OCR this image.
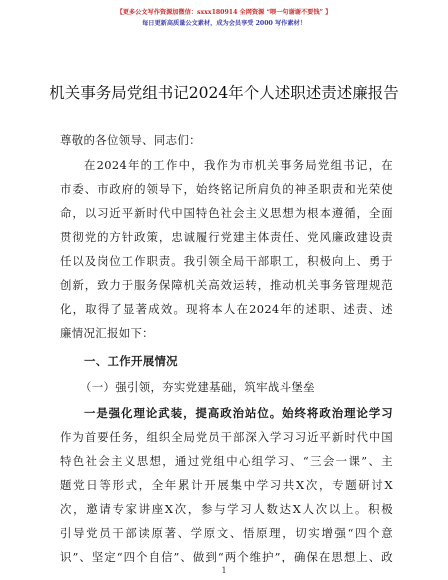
【更多公文写作资源加微信：sxxx180914 全网资源 “喂一句谢谢不要钱” 】
每日更新高质量公文素材，成为会员享受 2000 写作素材！
机关事务局党组书记2024年个人述职述责述廉报告
尊敬的各位领导、同志们：
在2024年的工作中，我作为市机关事务局党组书记，在
市委、市政府的领导下，始终铭记所肩负的神圣职责和光荣使
命，以习近平新时代中国特色社会主义思想为根本遵循，全面
贯彻党的方针政策，忠诚履行党建主体责任、党风廉政建设责
任以及岗位工作职责。我引领全局干部职工，积极向上、勇于
创新，致力于服务保障机关高效运转，推动机关事务管理规范
化，取得了显著成效。现将本人在2024年的述职、述责、述
廉情况汇报如下：
一、工作开展情况
（一）强引领，夯实党建基础，筑牢战斗堡垒
一是强化理论武装，提高政治站位。始终将政治理论学习
作为首要任务，组织全局党员干部深入学习习近平新时代中国
特色社会主义思想，通过党组中心组学习、“三会一课”、主
题党日等形式，全年累计开展集中学习共X次，专题研讨X
次，邀请专家讲座X次，参与学习人数达X人次以上。积极
引导党员干部读原著、学原文、悟原理，切实增强“四个意
识”、坚定“四个自信”、做到“两个维护”，确保在思想上、政
1
